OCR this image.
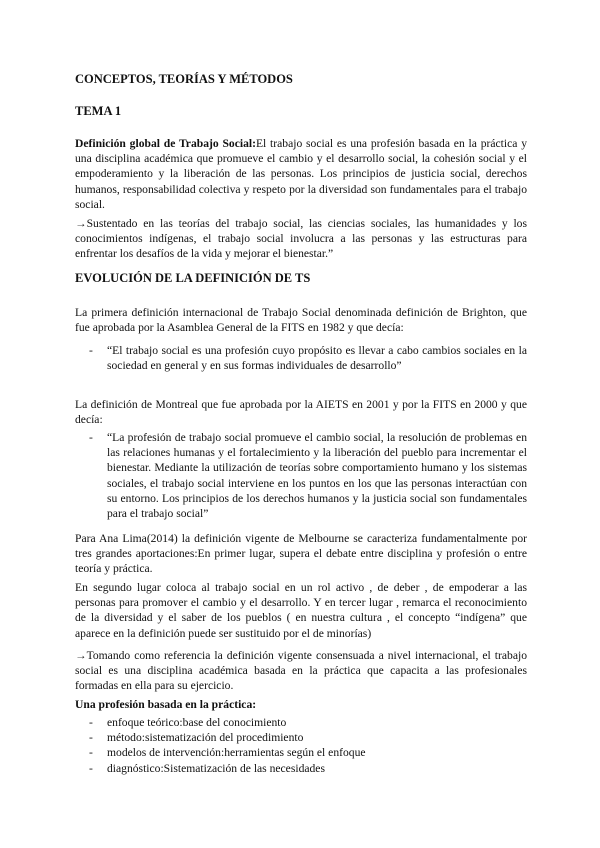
CONCEPTOS, TEORÍAS Y MÉTODOS
TEMA 1

Definición global de Trabajo Social:El trabajo social es una profesión basada en la práctica y una disciplina académica que promueve el cambio y el desarrollo social, la cohesión social y el empoderamiento y la liberación de las personas. Los principios de justicia social, derechos humanos, responsabilidad colectiva y respeto por la diversidad son fundamentales para el trabajo social.

→Sustentado en las teorías del trabajo social, las ciencias sociales, las humanidades y los conocimientos indígenas, el trabajo social involucra a las personas y las estructuras para enfrentar los desafíos de la vida y mejorar el bienestar.”

EVOLUCIÓN DE LA DEFINICIÓN DE TS

La primera definición internacional de Trabajo Social denominada definición de Brighton, que fue aprobada por la Asamblea General de la FITS en 1982 y que decía:

- “El trabajo social es una profesión cuyo propósito es llevar a cabo cambios sociales en la sociedad en general y en sus formas individuales de desarrollo”

La definición de Montreal que fue aprobada por la AIETS en 2001 y por la FITS en 2000 y que decía:

- “La profesión de trabajo social promueve el cambio social, la resolución de problemas en las relaciones humanas y el fortalecimiento y la liberación del pueblo para incrementar el bienestar. Mediante la utilización de teorías sobre comportamiento humano y los sistemas sociales, el trabajo social interviene en los puntos en los que las personas interactúan con su entorno. Los principios de los derechos humanos y la justicia social son fundamentales para el trabajo social”

Para Ana Lima(2014) la definición vigente de Melbourne se caracteriza fundamentalmente por tres grandes aportaciones:En primer lugar, supera el debate entre disciplina y profesión o entre teoría y práctica.

En segundo lugar coloca al trabajo social en un rol activo , de deber , de empoderar a las personas para promover el cambio y el desarrollo. Y en tercer lugar , remarca el reconocimiento de la diversidad y el saber de los pueblos ( en nuestra cultura , el concepto “indígena” que aparece en la definición puede ser sustituido por el de minorías)

→Tomando como referencia la definición vigente consensuada a nivel internacional, el trabajo social es una disciplina académica basada en la práctica que capacita a las profesionales formadas en ella para su ejercicio.

Una profesión basada en la práctica:

- enfoque teórico:base del conocimiento
- método:sistematización del procedimiento
- modelos de intervención:herramientas según el enfoque
- diagnóstico:Sistematización de las necesidades
